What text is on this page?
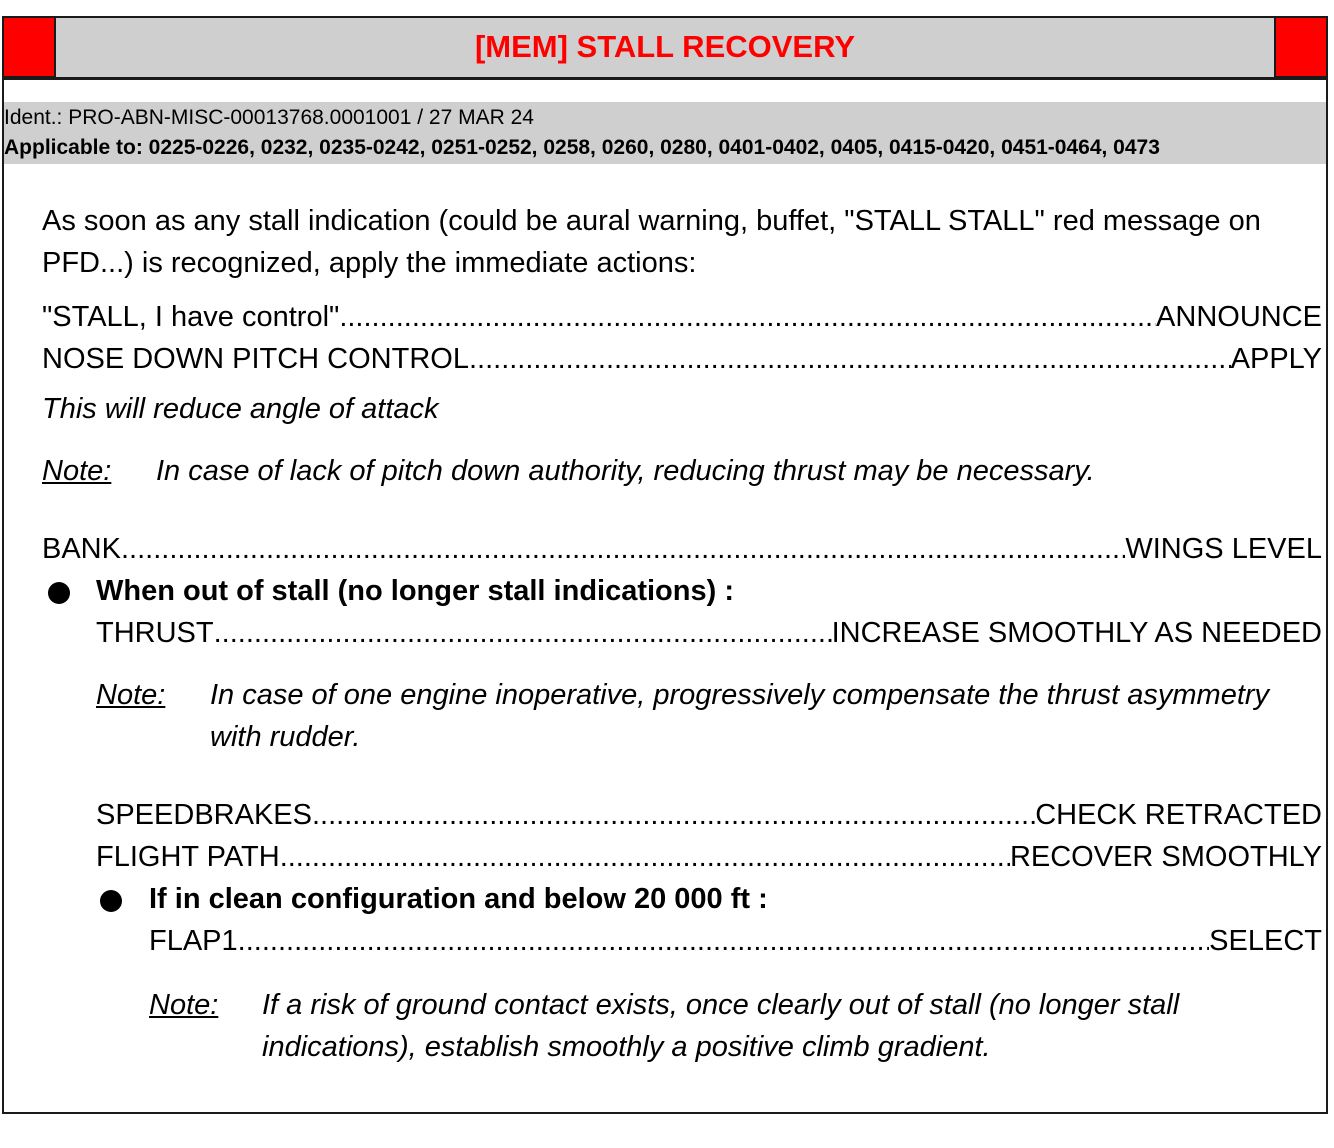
[MEM] STALL RECOVERY
Ident.: PRO-ABN-MISC-00013768.0001001 / 27 MAR 24
Applicable to: 0225-0226, 0232, 0235-0242, 0251-0252, 0258, 0260, 0280, 0401-0402, 0405, 0415-0420, 0451-0464, 0473
As soon as any stall indication (could be aural warning, buffet, "STALL STALL" red message on
PFD...) is recognized, apply the immediate actions:
"STALL, I have control" .....	ANNOUNCE
NOSE DOWN PITCH CONTROL .....	APPLY
This will reduce angle of attack
Note: In case of lack of pitch down authority, reducing thrust may be necessary.
BANK .....	WINGS LEVEL
When out of stall (no longer stall indications) :
THRUST .....	INCREASE SMOOTHLY AS NEEDED
Note: In case of one engine inoperative, progressively compensate the thrust asymmetry
with rudder.
SPEEDBRAKES .....	CHECK RETRACTED
FLIGHT PATH .....	RECOVER SMOOTHLY
If in clean configuration and below 20 000 ft :
FLAP1 .....	SELECT
Note: If a risk of ground contact exists, once clearly out of stall (no longer stall
indications), establish smoothly a positive climb gradient.
